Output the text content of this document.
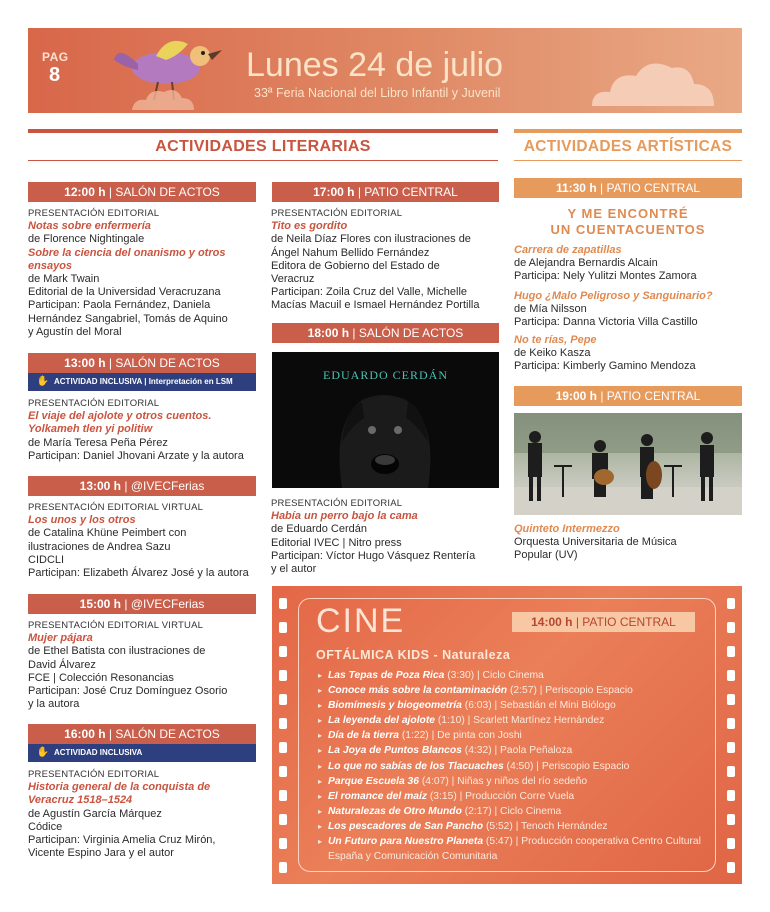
PAG
8	Lunes 24 de julio
33ª Feria Nacional del Libro Infantil y Juvenil
ACTIVIDADES LITERARIAS	ACTIVIDADES ARTÍSTICAS
12:00 h | SALÓN DE ACTOS

PRESENTACIÓN EDITORIAL

Notas sobre enfermería

de Florence Nightingale

Sobre la ciencia del onanismo y otros

ensayos

de Mark Twain

Editorial de la Universidad Veracruzana

Participan: Paola Fernández, Daniela

Hernández Sangabriel, Tomás de Aquino

y Agustín del Moral

13:00 h | SALÓN DE ACTOS
✋ ACTIVIDAD INCLUSIVA | Interpretación en LSM

PRESENTACIÓN EDITORIAL

El viaje del ajolote y otros cuentos.

Yolkameh tlen yi politiw

de María Teresa Peña Pérez

Participan: Daniel Jhovani Arzate y la autora

13:00 h | @IVECFerias

PRESENTACIÓN EDITORIAL VIRTUAL

Los unos y los otros

de Catalina Khüne Peimbert con

ilustraciones de Andrea Sazu

CIDCLI

Participan: Elizabeth Álvarez José y la autora

15:00 h | @IVECFerias

PRESENTACIÓN EDITORIAL VIRTUAL

Mujer pájara

de Ethel Batista con ilustraciones de

David Álvarez

FCE | Colección Resonancias

Participan: José Cruz Domínguez Osorio

y la autora

16:00 h | SALÓN DE ACTOS
✋ ACTIVIDAD INCLUSIVA

PRESENTACIÓN EDITORIAL

Historia general de la conquista de

Veracruz 1518–1524

de Agustín García Márquez

Códice

Participan: Virginia Amelia Cruz Mirón,

Vicente Espino Jara y el autor

17:00 h | PATIO CENTRAL

PRESENTACIÓN EDITORIAL

Tito es gordito

de Neila Díaz Flores con ilustraciones de

Ángel Nahum Bellido Fernández

Editora de Gobierno del Estado de

Veracruz

Participan: Zoila Cruz del Valle, Michelle

Macías Macuil e Ismael Hernández Portilla

18:00 h | SALÓN DE ACTOS
EDUARDO CERDÁN

PRESENTACIÓN EDITORIAL

Había un perro bajo la cama

de Eduardo Cerdán

Editorial IVEC | Nitro press

Participan: Víctor Hugo Vásquez Rentería

y el autor

11:30 h | PATIO CENTRAL
Y ME ENCONTRÉ
UN CUENTACUENTOS

Carrera de zapatillas

de Alejandra Bernardis Alcain

Participa: Nely Yulitzi Montes Zamora

Hugo ¿Malo Peligroso y Sanguinario?

de Mía Nilsson

Participa: Danna Victoria Villa Castillo

No te rías, Pepe

de Keiko Kasza

Participa: Kimberly Gamino Mendoza

19:00 h | PATIO CENTRAL

Quinteto Intermezzo

Orquesta Universitaria de Música

Popular (UV)

CINE	14:00 h | PATIO CENTRAL
OFTÁLMICA KIDS - Naturaleza
▸ Las Tepas de Poza Rica (3:30) | Ciclo Cinema
▸ Conoce más sobre la contaminación (2:57) | Periscopio Espacio
▸ Biomímesis y biogeometría (6:03) | Sebastián el Mini Biólogo
▸ La leyenda del ajolote (1:10) | Scarlett Martínez Hernández
▸ Día de la tierra (1:22) | De pinta con Joshi
▸ La Joya de Puntos Blancos (4:32) | Paola Peñaloza
▸ Lo que no sabías de los Tlacuaches (4:50) | Periscopio Espacio
▸ Parque Escuela 36 (4:07) | Niñas y niños del río sedeño
▸ El romance del maíz (3:15) | Producción Corre Vuela
▸ Naturalezas de Otro Mundo (2:17) | Ciclo Cinema
▸ Los pescadores de San Pancho (5:52) | Tenoch Hernández
▸ Un Futuro para Nuestro Planeta (5:47) | Producción cooperativa Centro Cultural España y Comunicación Comunitaria
